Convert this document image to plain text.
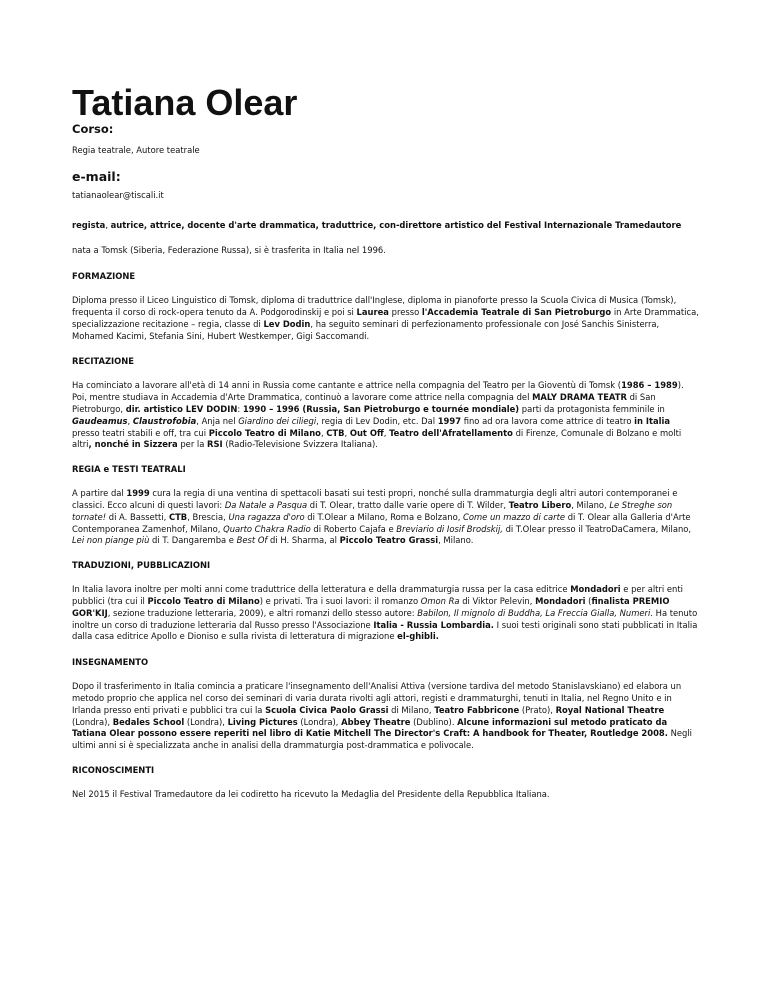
Tatiana Olear
Corso:

Regia teatrale, Autore teatrale

e-mail:

tatianaolear@tiscali.it

regista, autrice, attrice, docente d'arte drammatica, traduttrice, con-direttore artistico del Festival Internazionale Tramedautore

nata a Tomsk (Siberia, Federazione Russa), si è trasferita in Italia nel 1996.

FORMAZIONE

Diploma presso il Liceo Linguistico di Tomsk, diploma di traduttrice dall'Inglese, diploma in pianoforte presso la Scuola Civica di Musica (Tomsk), frequenta il corso di rock-opera tenuto da A. Podgorodinskij e poi si Laurea presso l'Accademia Teatrale di San Pietroburgo in Arte Drammatica, specializzazione recitazione – regia, classe di Lev Dodin, ha seguito seminari di perfezionamento professionale con José Sanchis Sinisterra, Mohamed Kacimi, Stefania Sini, Hubert Westkemper, Gigi Saccomandi.

RECITAZIONE

Ha cominciato a lavorare all'età di 14 anni in Russia come cantante e attrice nella compagnia del Teatro per la Gioventù di Tomsk (1986 – 1989). Poi, mentre studiava in Accademia d'Arte Drammatica, continuò a lavorare come attrice nella compagnia del MALY DRAMA TEATR di San Pietroburgo, dir. artistico LEV DODIN: 1990 – 1996 (Russia, San Pietroburgo e tournée mondiale) parti da protagonista femminile in Gaudeamus, Claustrofobia, Anja nel Giardino dei ciliegi, regia di Lev Dodin, etc. Dal 1997 fino ad ora lavora come attrice di teatro in Italia presso teatri stabili e off, tra cui Piccolo Teatro di Milano, CTB, Out Off, Teatro dell'Afratellamento di Firenze, Comunale di Bolzano e molti altri, nonché in Sizzera per la RSI (Radio-Televisione Svizzera Italiana).

REGIA e TESTI TEATRALI

A partire dal 1999 cura la regia di una ventina di spettacoli basati sui testi propri, nonché sulla drammaturgia degli altri autori contemporanei e classici. Ecco alcuni di questi lavori: Da Natale a Pasqua di T. Olear, tratto dalle varie opere di T. Wilder, Teatro Libero, Milano, Le Streghe son tornate! di A. Bassetti, CTB, Brescia, Una ragazza d'oro di T.Olear a Milano, Roma e Bolzano, Come un mazzo di carte di T. Olear alla Galleria d'Arte Contemporanea Zamenhof, Milano, Quarto Chakra Radio di Roberto Cajafa e Breviario di Iosif Brodskij, di T.Olear presso il TeatroDaCamera, Milano, Lei non piange più di T. Dangaremba e Best Of di H. Sharma, al Piccolo Teatro Grassi, Milano.

TRADUZIONI, PUBBLICAZIONI

In Italia lavora inoltre per molti anni come traduttrice della letteratura e della drammaturgia russa per la casa editrice Mondadori e per altri enti pubblici (tra cui il Piccolo Teatro di Milano) e privati. Tra i suoi lavori: il romanzo Omon Ra di Viktor Pelevin, Mondadori (finalista PREMIO GOR'KIJ, sezione traduzione letteraria, 2009), e altri romanzi dello stesso autore: Babilon, Il mignolo di Buddha, La Freccia Gialla, Numeri. Ha tenuto inoltre un corso di traduzione letteraria dal Russo presso l'Associazione Italia - Russia Lombardia. I suoi testi originali sono stati pubblicati in Italia dalla casa editrice Apollo e Dioniso e sulla rivista di letteratura di migrazione el-ghibli.

INSEGNAMENTO

Dopo il trasferimento in Italia comincia a praticare l'insegnamento dell'Analisi Attiva (versione tardiva del metodo Stanislavskiano) ed elabora un metodo proprio che applica nel corso dei seminari di varia durata rivolti agli attori, registi e drammaturghi, tenuti in Italia, nel Regno Unito e in Irlanda presso enti privati e pubblici tra cui la Scuola Civica Paolo Grassi di Milano, Teatro Fabbricone (Prato), Royal National Theatre (Londra), Bedales School (Londra), Living Pictures (Londra), Abbey Theatre (Dublino). Alcune informazioni sul metodo praticato da Tatiana Olear possono essere reperiti nel libro di Katie Mitchell The Director's Craft: A handbook for Theater, Routledge 2008. Negli ultimi anni si è specializzata anche in analisi della drammaturgia post-drammatica e polivocale.

RICONOSCIMENTI

Nel 2015 il Festival Tramedautore da lei codiretto ha ricevuto la Medaglia del Presidente della Repubblica Italiana.
